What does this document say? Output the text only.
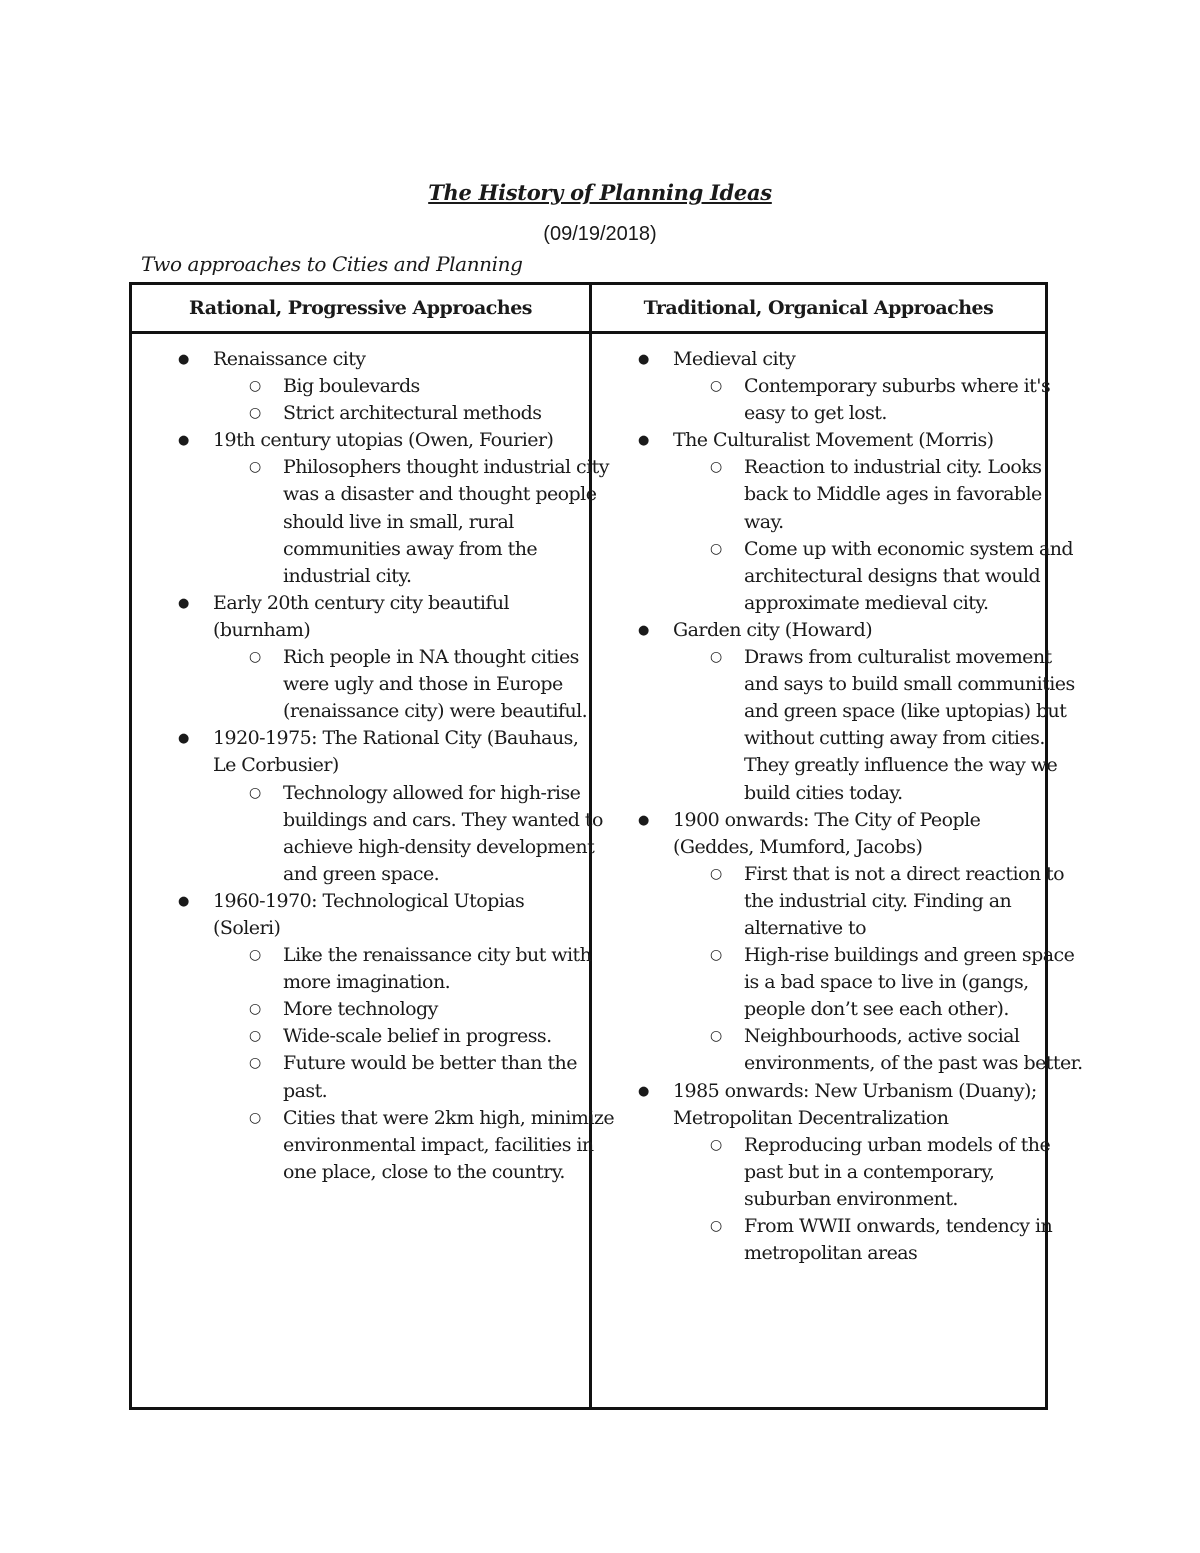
The History of Planning Ideas
(09/19/2018)
Two approaches to Cities and Planning
Rational, Progressive Approaches	Traditional, Organical Approaches
● Renaissance city
○ Big boulevards
○ Strict architectural methods
● 19th century utopias (Owen, Fourier)
○ Philosophers thought industrial city was a disaster and thought people should live in small, rural communities away from the industrial city.
● Early 20th century city beautiful (burnham)
○ Rich people in NA thought cities were ugly and those in Europe (renaissance city) were beautiful.
● 1920-1975: The Rational City (Bauhaus, Le Corbusier)
○ Technology allowed for high-rise buildings and cars. They wanted to achieve high-density development and green space.
● 1960-1970: Technological Utopias (Soleri)
○ Like the renaissance city but with more imagination.
○ More technology
○ Wide-scale belief in progress.
○ Future would be better than the past.
○ Cities that were 2km high, minimize environmental impact, facilities in one place, close to the country.
● Medieval city
○ Contemporary suburbs where it's easy to get lost.
● The Culturalist Movement (Morris)
○ Reaction to industrial city. Looks back to Middle ages in favorable way.
○ Come up with economic system and architectural designs that would approximate medieval city.
● Garden city (Howard)
○ Draws from culturalist movement and says to build small communities and green space (like uptopias) but without cutting away from cities. They greatly influence the way we build cities today.
● 1900 onwards: The City of People (Geddes, Mumford, Jacobs)
○ First that is not a direct reaction to the industrial city. Finding an alternative to
○ High-rise buildings and green space is a bad space to live in (gangs, people don’t see each other).
○ Neighbourhoods, active social environments, of the past was better.
● 1985 onwards: New Urbanism (Duany); Metropolitan Decentralization
○ Reproducing urban models of the past but in a contemporary, suburban environment.
○ From WWII onwards, tendency in metropolitan areas
